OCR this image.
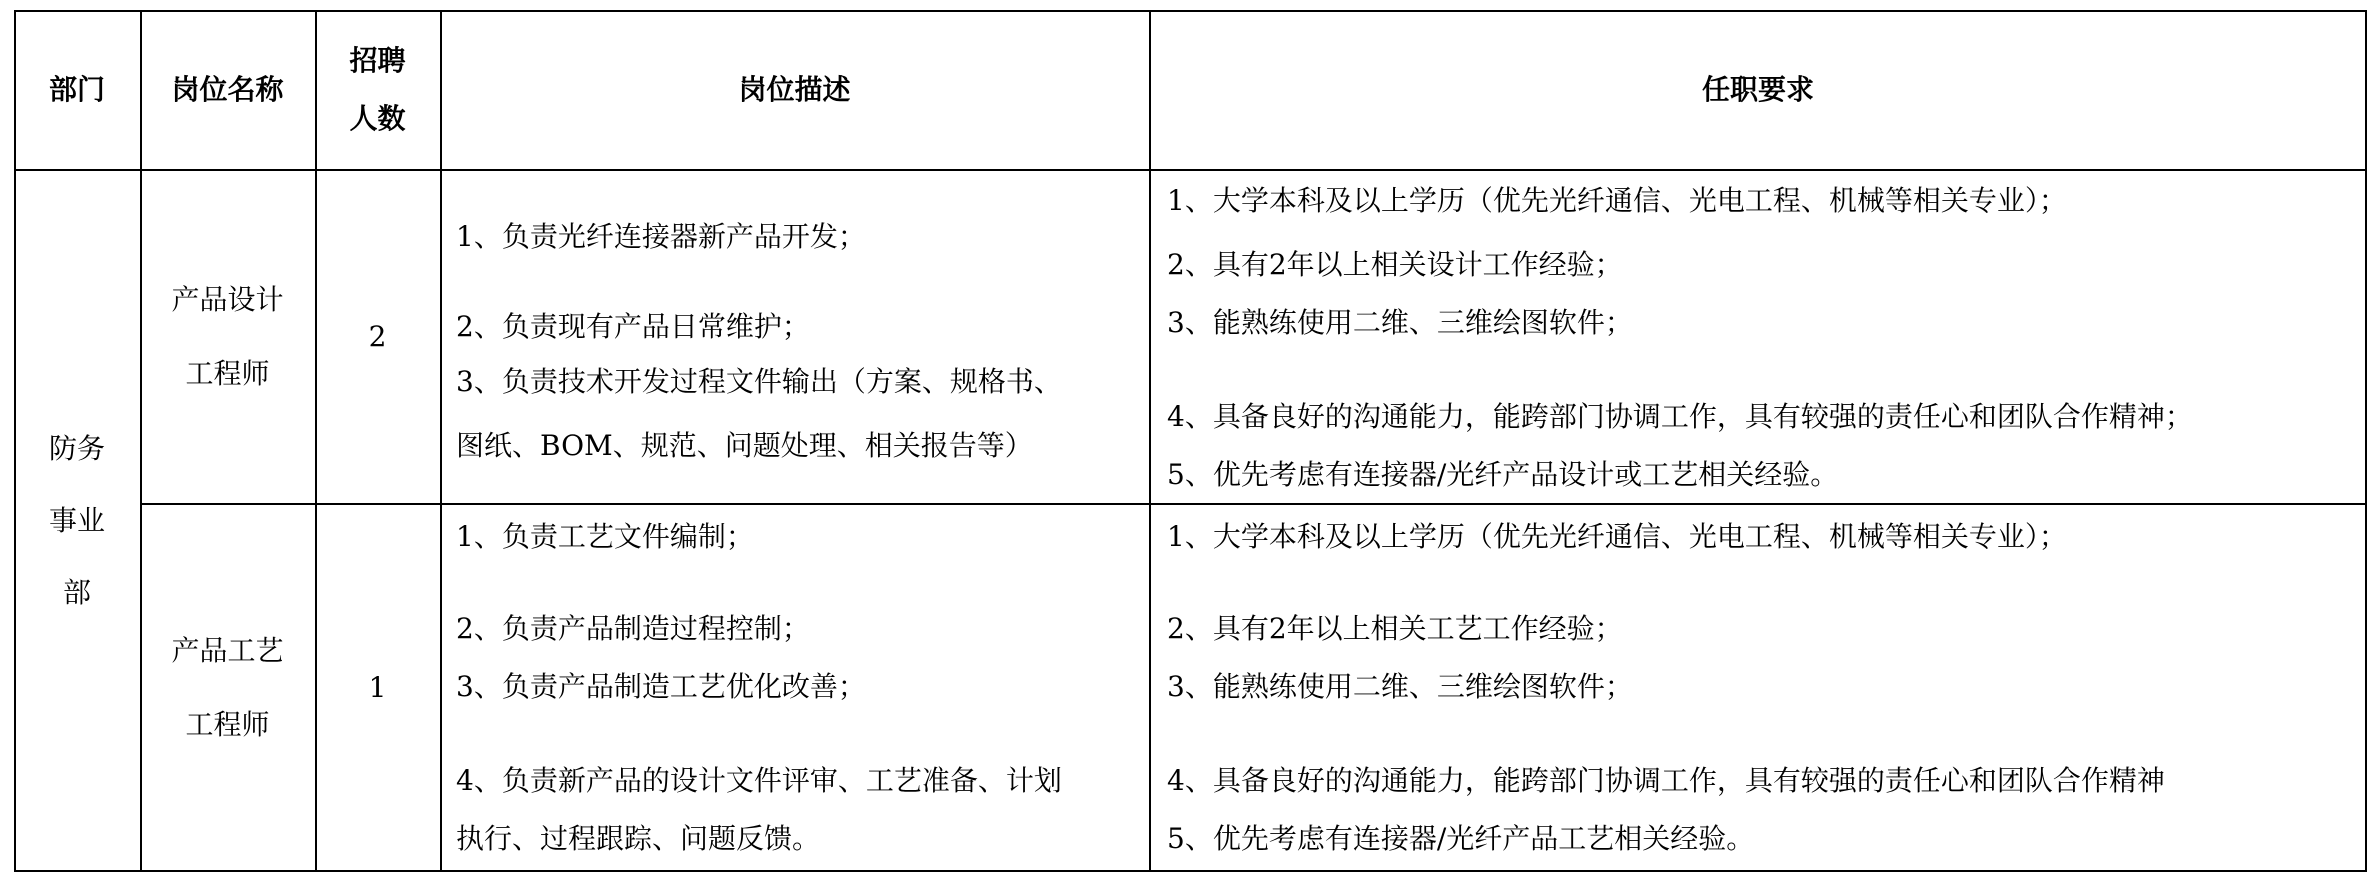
部门 岗位名称
招聘
人数
岗位描述	任职要求
防务
事业
部
产品设计
工程师
2
1、负责光纤连接器新产品开发；
2、负责现有产品日常维护；
3、负责技术开发过程文件输出（方案、规格书、
图纸、BOM、规范、问题处理、相关报告等）
1、大学本科及以上学历（优先光纤通信、光电工程、机械等相关专业）；
2、具有2年以上相关设计工作经验；
3、能熟练使用二维、三维绘图软件；
4、具备良好的沟通能力，能跨部门协调工作，具有较强的责任心和团队合作精神；
5、优先考虑有连接器/光纤产品设计或工艺相关经验。
产品工艺
工程师
1
1、负责工艺文件编制；
2、负责产品制造过程控制；
3、负责产品制造工艺优化改善；
4、负责新产品的设计文件评审、工艺准备、计划
执行、过程跟踪、问题反馈。
1、大学本科及以上学历（优先光纤通信、光电工程、机械等相关专业）；
2、具有2年以上相关工艺工作经验；
3、能熟练使用二维、三维绘图软件；
4、具备良好的沟通能力，能跨部门协调工作，具有较强的责任心和团队合作精神
5、优先考虑有连接器/光纤产品工艺相关经验。
